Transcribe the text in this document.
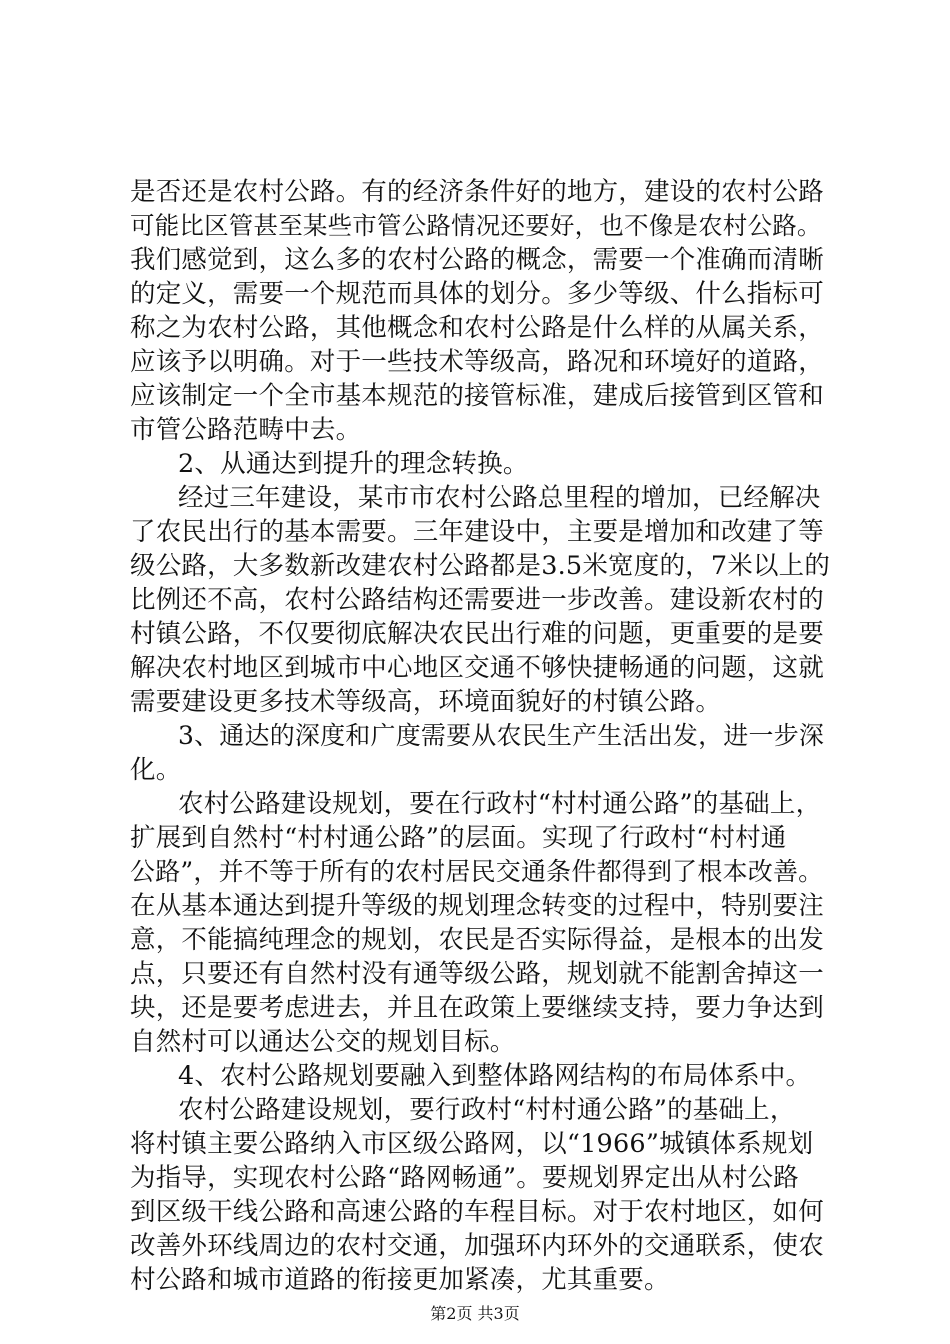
是否还是农村公路。有的经济条件好的地方，建设的农村公路
可能比区管甚至某些市管公路情况还要好，也不像是农村公路。
我们感觉到，这么多的农村公路的概念，需要一个准确而清晰
的定义，需要一个规范而具体的划分。多少等级、什么指标可
称之为农村公路，其他概念和农村公路是什么样的从属关系，
应该予以明确。对于一些技术等级高，路况和环境好的道路，
应该制定一个全市基本规范的接管标准，建成后接管到区管和
市管公路范畴中去。
2、从通达到提升的理念转换。
经过三年建设，某市市农村公路总里程的增加，已经解决
了农民出行的基本需要。三年建设中，主要是增加和改建了等
级公路，大多数新改建农村公路都是3.5米宽度的，7米以上的
比例还不高，农村公路结构还需要进一步改善。建设新农村的
村镇公路，不仅要彻底解决农民出行难的问题，更重要的是要
解决农村地区到城市中心地区交通不够快捷畅通的问题，这就
需要建设更多技术等级高，环境面貌好的村镇公路。
3、通达的深度和广度需要从农民生产生活出发，进一步深
化。
农村公路建设规划，要在行政村“村村通公路”的基础上，
扩展到自然村“村村通公路”的层面。实现了行政村“村村通
公路”，并不等于所有的农村居民交通条件都得到了根本改善。
在从基本通达到提升等级的规划理念转变的过程中，特别要注
意，不能搞纯理念的规划，农民是否实际得益，是根本的出发
点，只要还有自然村没有通等级公路，规划就不能割舍掉这一
块，还是要考虑进去，并且在政策上要继续支持，要力争达到
自然村可以通达公交的规划目标。
4、农村公路规划要融入到整体路网结构的布局体系中。
农村公路建设规划，要行政村“村村通公路”的基础上，
将村镇主要公路纳入市区级公路网，以“1966”城镇体系规划
为指导，实现农村公路“路网畅通”。要规划界定出从村公路
到区级干线公路和高速公路的车程目标。对于农村地区，如何
改善外环线周边的农村交通，加强环内环外的交通联系，使农
村公路和城市道路的衔接更加紧凑，尤其重要。
第2页 共3页
